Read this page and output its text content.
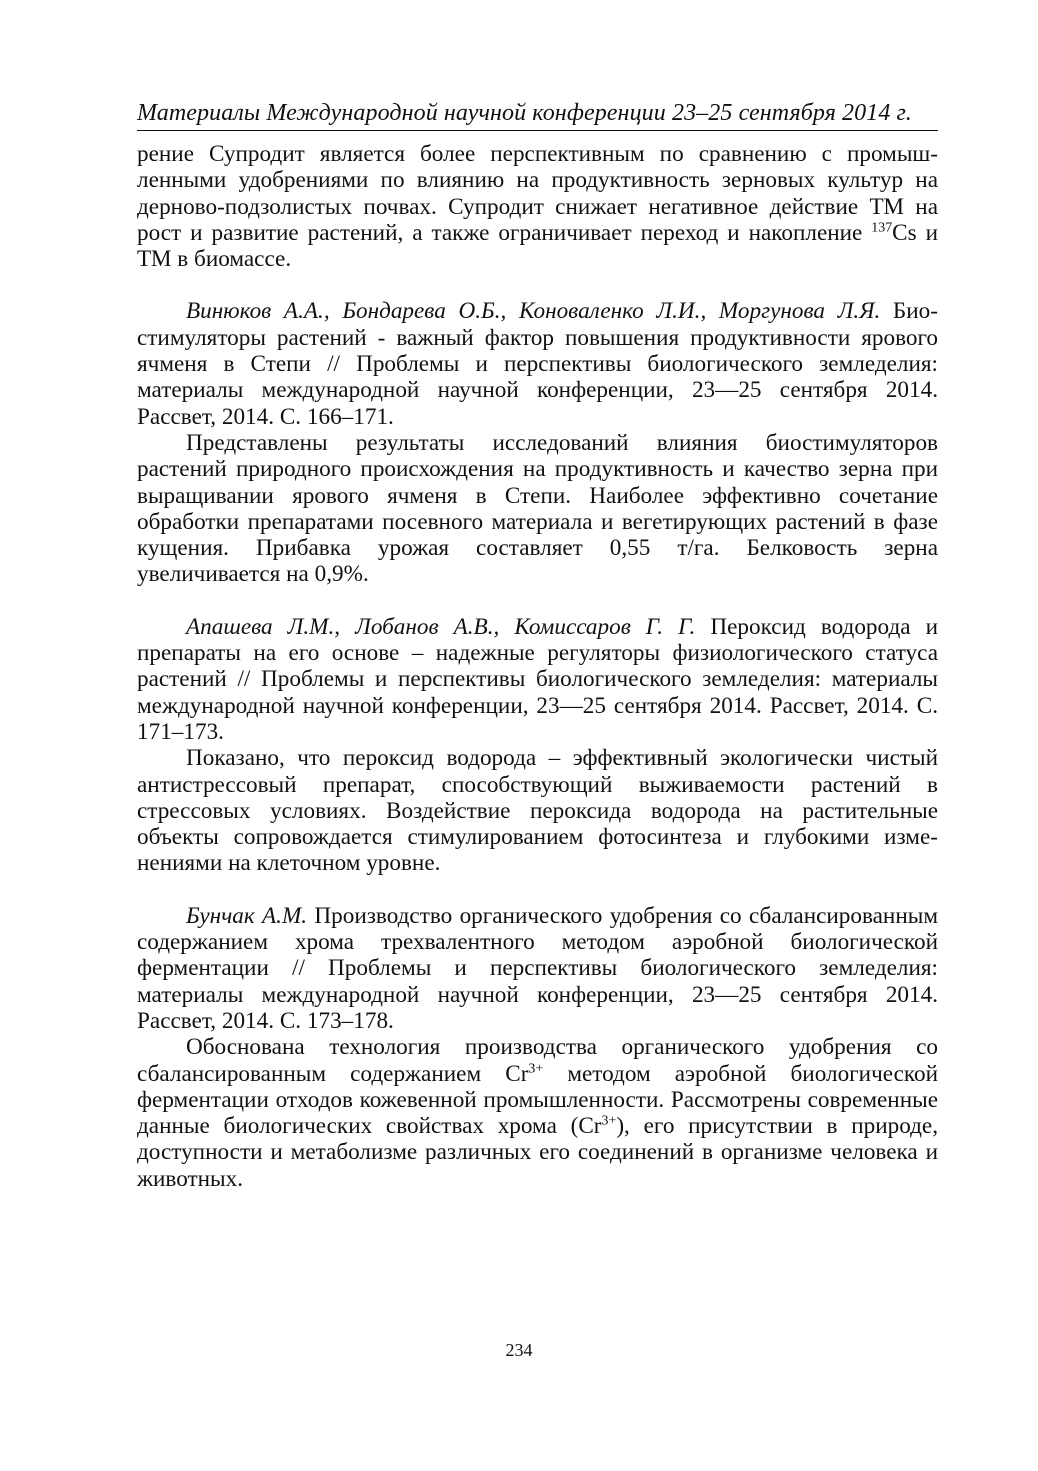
Материалы Международной научной конференции 23–25 сентября 2014 г.

рение Супродит является более перспективным по сравнению с промышленными удобрениями по влиянию на продуктивность зерновых культур на дерново-подзолистых почвах. Супродит снижает негативное действие ТМ на рост и развитие растений, а также ограничивает переход и накопление $^{137}$Cs и ТМ в биомассе.

Винюков А.А., Бондарева О.Б., Коноваленко Л.И., Моргунова Л.Я. Биостимуляторы растений - важный фактор повышения продуктивности ярового ячменя в Степи // Проблемы и перспективы биологического земледелия: материалы международной научной конференции, 23—25 сентября 2014. Рассвет, 2014. С. 166–171.

Представлены результаты исследований влияния биостимуляторов растений природного происхождения на продуктивность и качество зерна при выращивании ярового ячменя в Степи. Наиболее эффективно сочетание обработки препаратами посевного материала и вегетирующих растений в фазе кущения. Прибавка урожая составляет 0,55 т/га. Белковость зерна увеличивается на 0,9%.

Апашева Л.М., Лобанов А.В., Комиссаров Г. Г. Пероксид водорода и препараты на его основе – надежные регуляторы физиологического статуса растений // Проблемы и перспективы биологического земледелия: материалы международной научной конференции, 23—25 сентября 2014. Рассвет, 2014. С. 171–173.

Показано, что пероксид водорода – эффективный экологически чистый антистрессовый препарат, способствующий выживаемости растений в стрессовых условиях. Воздействие пероксида водорода на растительные объекты сопровождается стимулированием фотосинтеза и глубокими изменениями на клеточном уровне.

Бунчак А.М. Производство органического удобрения со сбалансированным содержанием хрома трехвалентного методом аэробной биологической ферментации // Проблемы и перспективы биологического земледелия: материалы международной научной конференции, 23—25 сентября 2014. Рассвет, 2014. С. 173–178.

Обоснована технология производства органического удобрения со сбалансированным содержанием $Cr^{3+}$ методом аэробной биологической ферментации отходов кожевенной промышленности. Рассмотрены современные данные биологических свойствах хрома $(Cr^{3+})$, его присутствии в природе, доступности и метаболизме различных его соединений в организме человека и животных.

234
